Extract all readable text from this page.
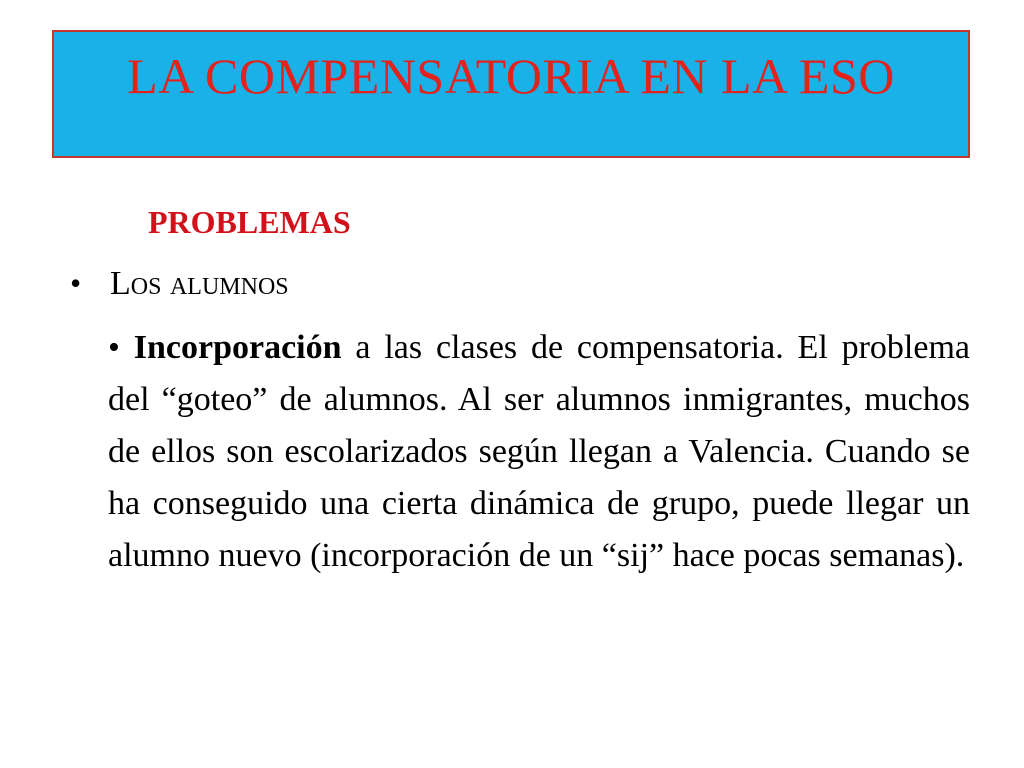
LA COMPENSATORIA EN LA ESO
PROBLEMAS
• Los alumnos
• Incorporación a las clases de compensatoria. El problema del “goteo” de alumnos. Al ser alumnos inmigrantes, muchos de ellos son escolarizados según llegan a Valencia. Cuando se ha conseguido una cierta dinámica de grupo, puede llegar un alumno nuevo (incorporación de un “sij” hace pocas semanas).
